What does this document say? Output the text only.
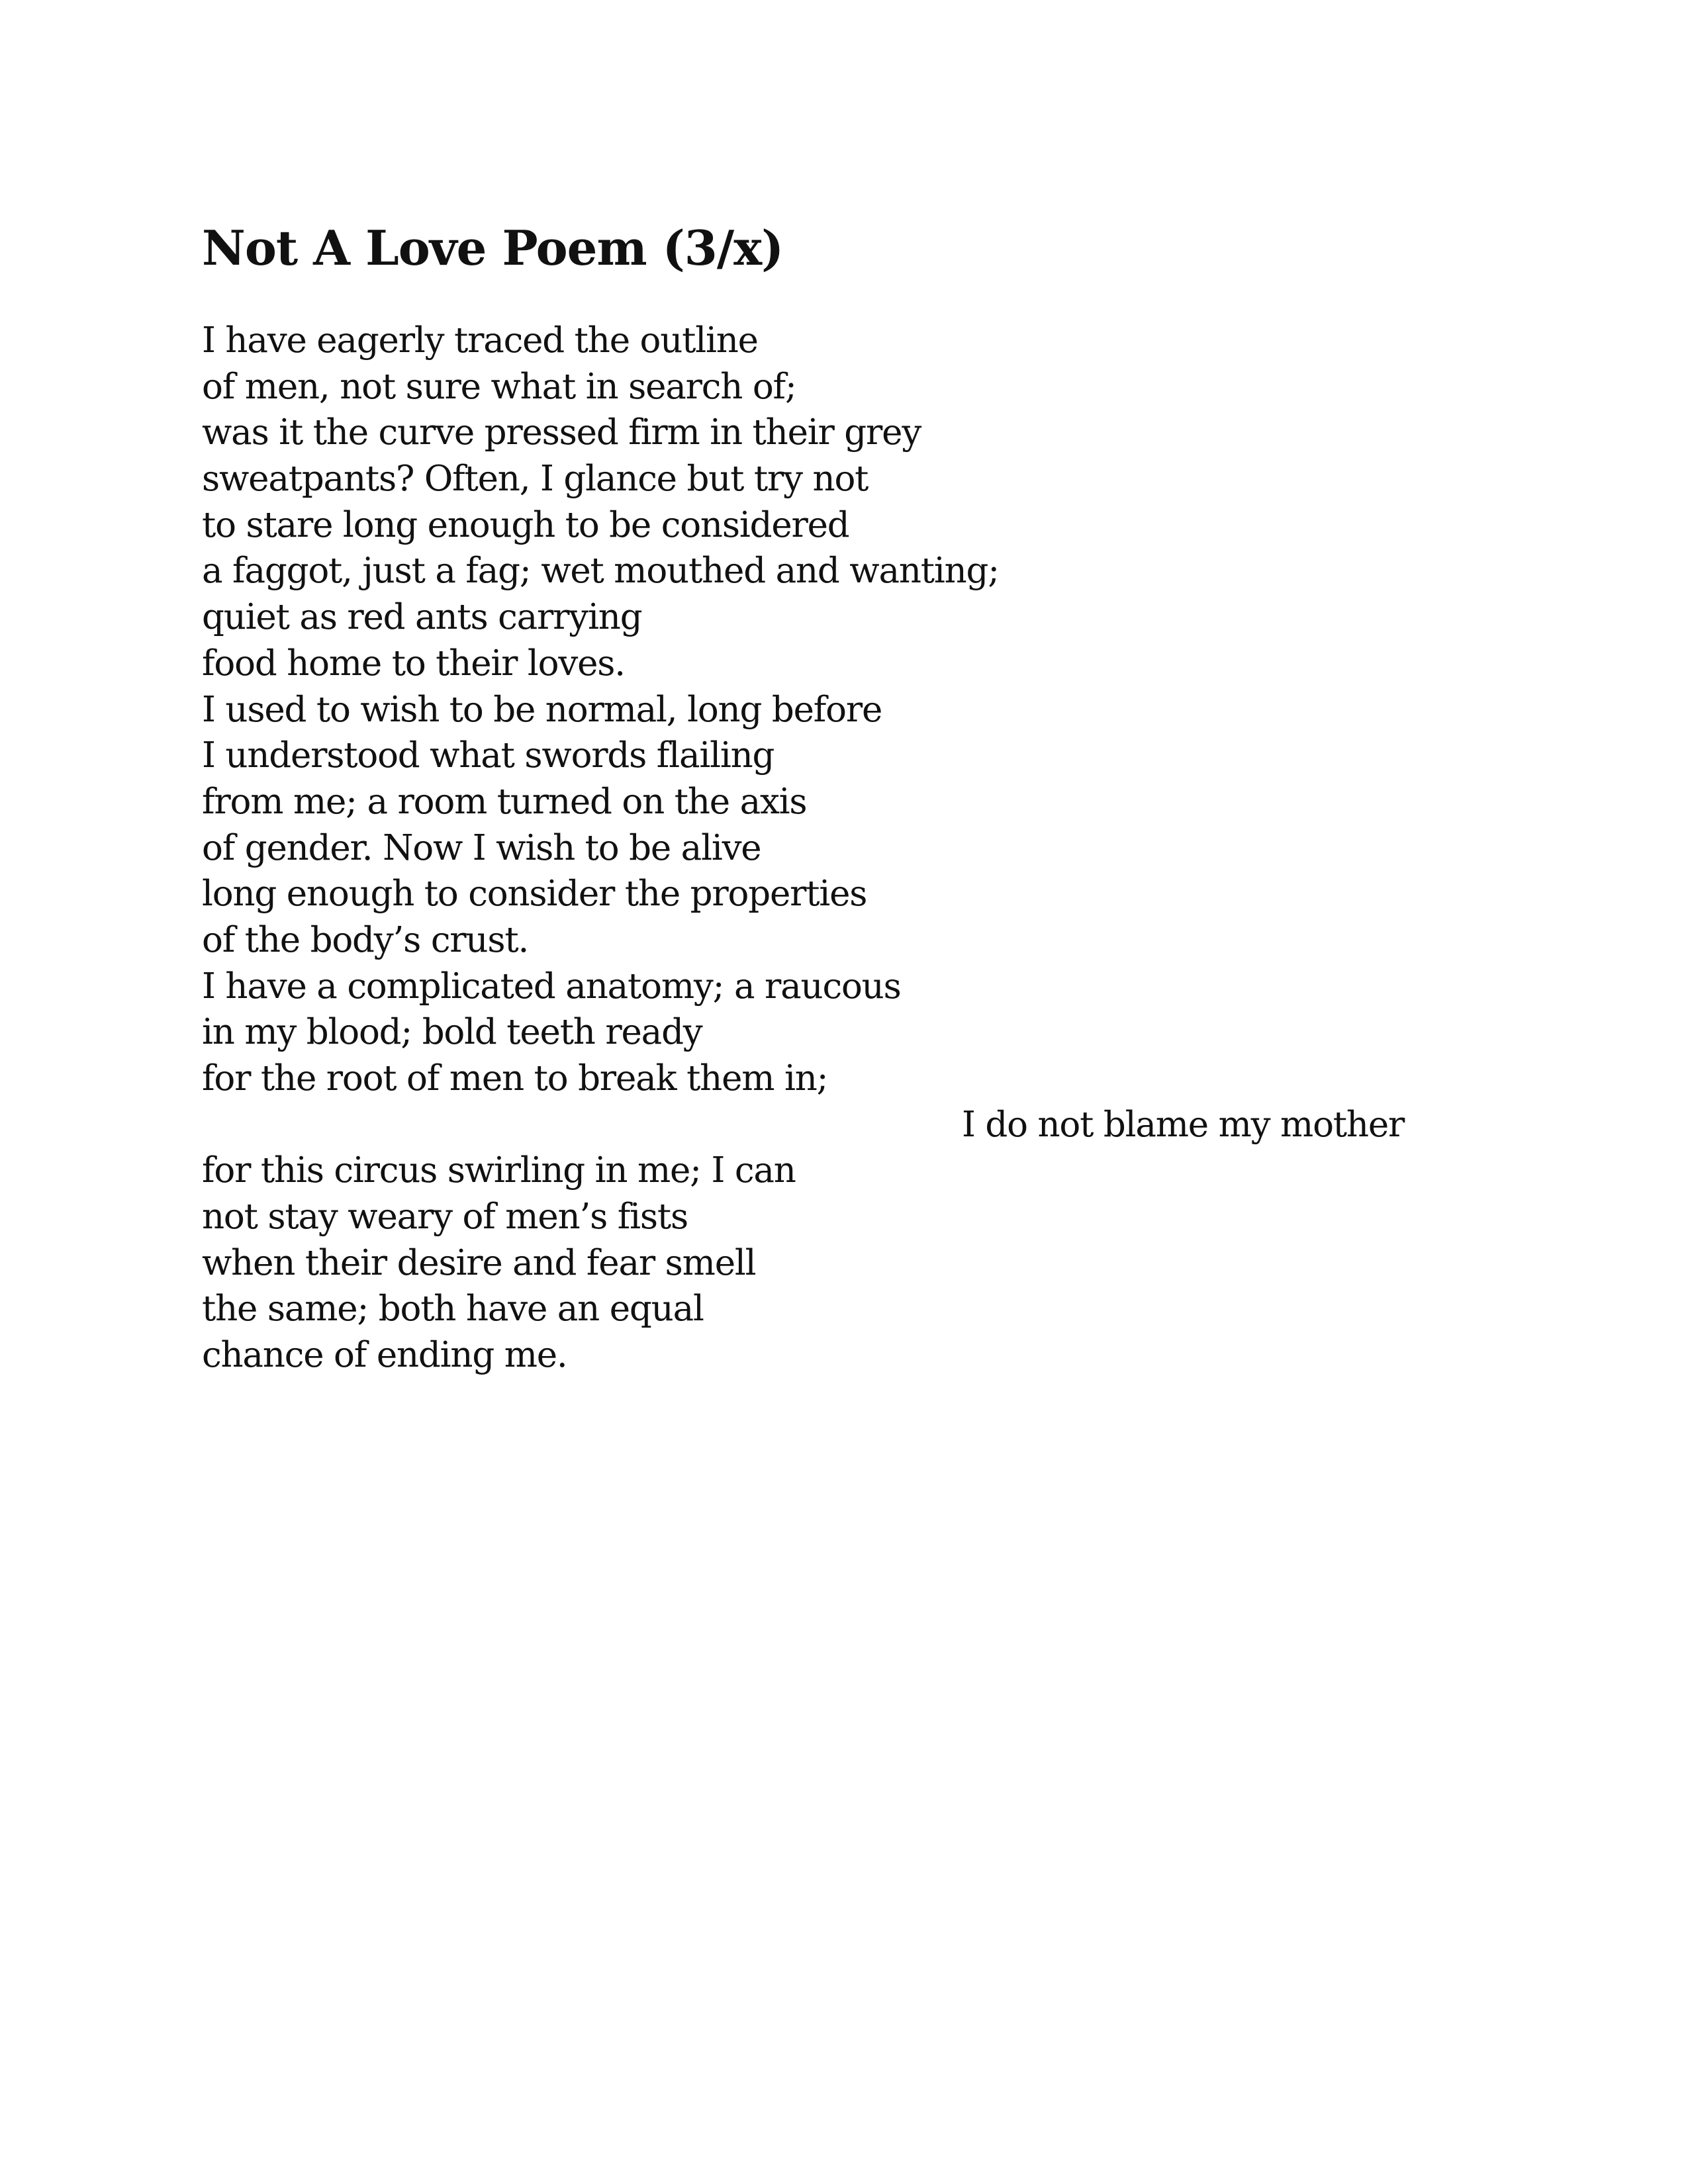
Not A Love Poem (3/x)
I have eagerly traced the outline
of men, not sure what in search of;
was it the curve pressed firm in their grey
sweatpants? Often, I glance but try not
to stare long enough to be considered
a faggot, just a fag; wet mouthed and wanting;
quiet as red ants carrying
food home to their loves.
I used to wish to be normal, long before
I understood what swords flailing
from me; a room turned on the axis
of gender. Now I wish to be alive
long enough to consider the properties
of the body’s crust.
I have a complicated anatomy; a raucous
in my blood; bold teeth ready
for the root of men to break them in;
I do not blame my mother
for this circus swirling in me; I can
not stay weary of men’s fists
when their desire and fear smell
the same; both have an equal
chance of ending me.
